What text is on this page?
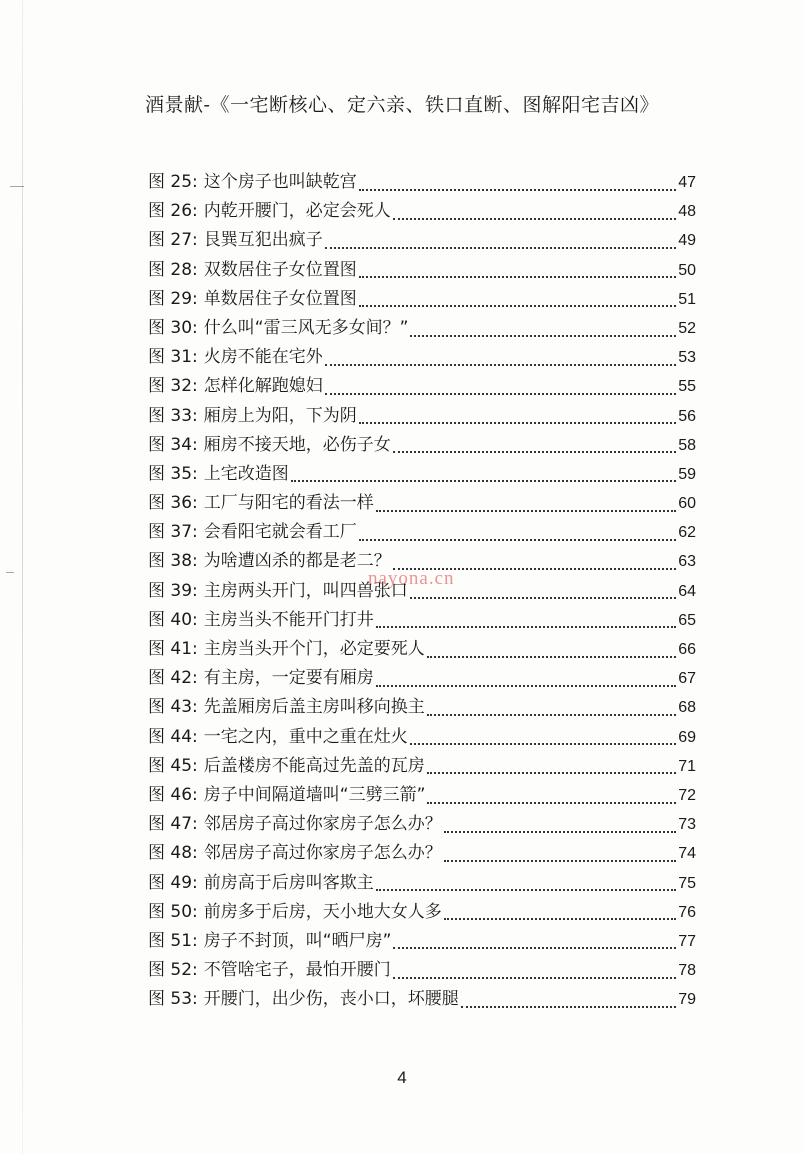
酒景献-《一宅断核心、定六亲、铁口直断、图解阳宅吉凶》
图 25: 这个房子也叫缺乾宫	47
图 26: 内乾开腰门，必定会死人	48
图 27: 艮巽互犯出疯子	49
图 28: 双数居住子女位置图	50
图 29: 单数居住子女位置图	51
图 30: 什么叫“雷三风无多女间？”	52
图 31: 火房不能在宅外	53
图 32: 怎样化解跑媳妇	55
图 33: 厢房上为阳，下为阴	56
图 34: 厢房不接天地，必伤子女	58
图 35: 上宅改造图	59
图 36: 工厂与阳宅的看法一样	60
图 37: 会看阳宅就会看工厂	62
图 38: 为啥遭凶杀的都是老二？	63
图 39: 主房两头开门，叫四兽张口	64
图 40: 主房当头不能开门打井	65
图 41: 主房当头开个门，必定要死人	66
图 42: 有主房，一定要有厢房	67
图 43: 先盖厢房后盖主房叫移向换主	68
图 44: 一宅之内，重中之重在灶火	69
图 45: 后盖楼房不能高过先盖的瓦房	71
图 46: 房子中间隔道墙叫“三劈三箭”	72
图 47: 邻居房子高过你家房子怎么办？	73
图 48: 邻居房子高过你家房子怎么办？	74
图 49: 前房高于后房叫客欺主	75
图 50: 前房多于后房，天小地大女人多	76
图 51: 房子不封顶，叫“晒尸房”	77
图 52: 不管啥宅子，最怕开腰门	78
图 53: 开腰门，出少伤，丧小口，坏腰腿	79
nayona.cn
4
